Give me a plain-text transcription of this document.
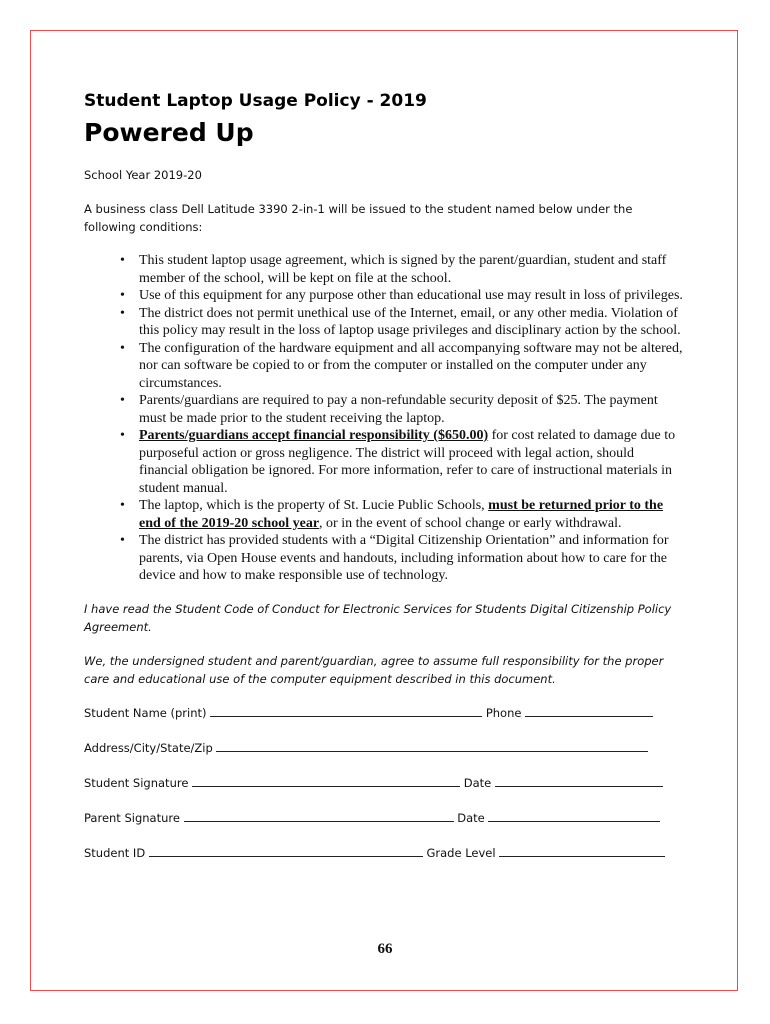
Student Laptop Usage Policy - 2019
Powered Up

School Year 2019-20

A business class Dell Latitude 3390 2-in-1 will be issued to the student named below under the following conditions:

• This student laptop usage agreement, which is signed by the parent/guardian, student and staff member of the school, will be kept on file at the school.
• Use of this equipment for any purpose other than educational use may result in loss of privileges.
• The district does not permit unethical use of the Internet, email, or any other media. Violation of this policy may result in the loss of laptop usage privileges and disciplinary action by the school.
• The configuration of the hardware equipment and all accompanying software may not be altered, nor can software be copied to or from the computer or installed on the computer under any circumstances.
• Parents/guardians are required to pay a non-refundable security deposit of $25. The payment must be made prior to the student receiving the laptop.
• Parents/guardians accept financial responsibility ($650.00) for cost related to damage due to purposeful action or gross negligence. The district will proceed with legal action, should financial obligation be ignored. For more information, refer to care of instructional materials in student manual.
• The laptop, which is the property of St. Lucie Public Schools, must be returned prior to the end of the 2019-20 school year, or in the event of school change or early withdrawal.
• The district has provided students with a “Digital Citizenship Orientation” and information for parents, via Open House events and handouts, including information about how to care for the device and how to make responsible use of technology.

I have read the Student Code of Conduct for Electronic Services for Students Digital Citizenship Policy Agreement.

We, the undersigned student and parent/guardian, agree to assume full responsibility for the proper care and educational use of the computer equipment described in this document.

Student Name (print)	Phone
Address/City/State/Zip
Student Signature	Date
Parent Signature	Date
Student ID	Grade Level
66
